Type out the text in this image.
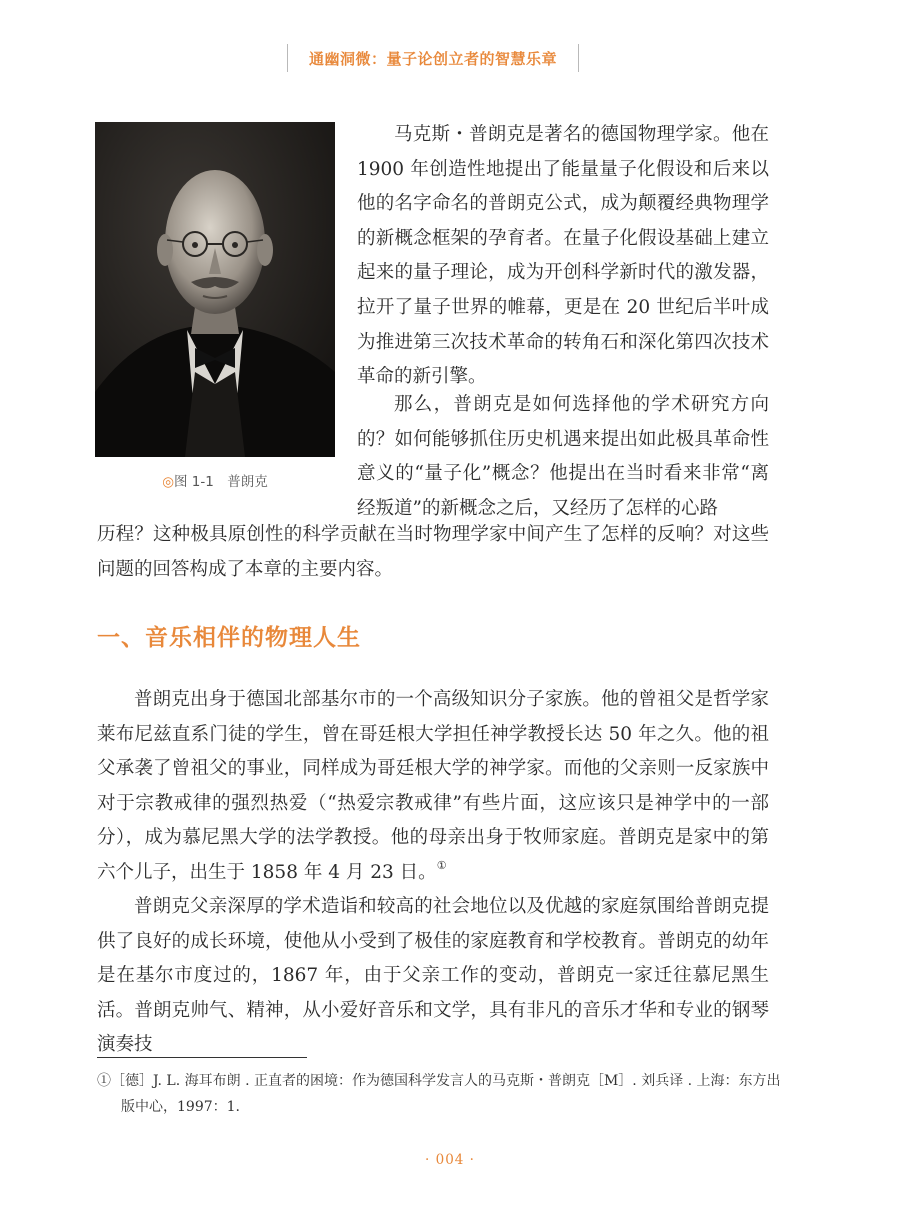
通幽洞微：量子论创立者的智慧乐章
◎图 1-1　普朗克

马克斯・普朗克是著名的德国物理学家。他在1900 年创造性地提出了能量量子化假设和后来以他的名字命名的普朗克公式，成为颠覆经典物理学的新概念框架的孕育者。在量子化假设基础上建立起来的量子理论，成为开创科学新时代的激发器，拉开了量子世界的帷幕，更是在 20 世纪后半叶成为推进第三次技术革命的转角石和深化第四次技术革命的新引擎。

那么，普朗克是如何选择他的学术研究方向的？如何能够抓住历史机遇来提出如此极具革命性意义的“量子化”概念？他提出在当时看来非常“离经叛道”的新概念之后，又经历了怎样的心路

历程？这种极具原创性的科学贡献在当时物理学家中间产生了怎样的反响？对这些问题的回答构成了本章的主要内容。

一、音乐相伴的物理人生

普朗克出身于德国北部基尔市的一个高级知识分子家族。他的曾祖父是哲学家莱布尼兹直系门徒的学生，曾在哥廷根大学担任神学教授长达 50 年之久。他的祖父承袭了曾祖父的事业，同样成为哥廷根大学的神学家。而他的父亲则一反家族中对于宗教戒律的强烈热爱（“热爱宗教戒律”有些片面，这应该只是神学中的一部分），成为慕尼黑大学的法学教授。他的母亲出身于牧师家庭。普朗克是家中的第六个儿子，出生于 1858 年 4 月 23 日。①

普朗克父亲深厚的学术造诣和较高的社会地位以及优越的家庭氛围给普朗克提供了良好的成长环境，使他从小受到了极佳的家庭教育和学校教育。普朗克的幼年是在基尔市度过的，1867 年，由于父亲工作的变动，普朗克一家迁往慕尼黑生活。普朗克帅气、精神，从小爱好音乐和文学，具有非凡的音乐才华和专业的钢琴演奏技

①［德］J. L. 海耳布朗 . 正直者的困境：作为德国科学发言人的马克斯・普朗克［M］. 刘兵译 . 上海：东方出版中心，1997：1.

· 004 ·
